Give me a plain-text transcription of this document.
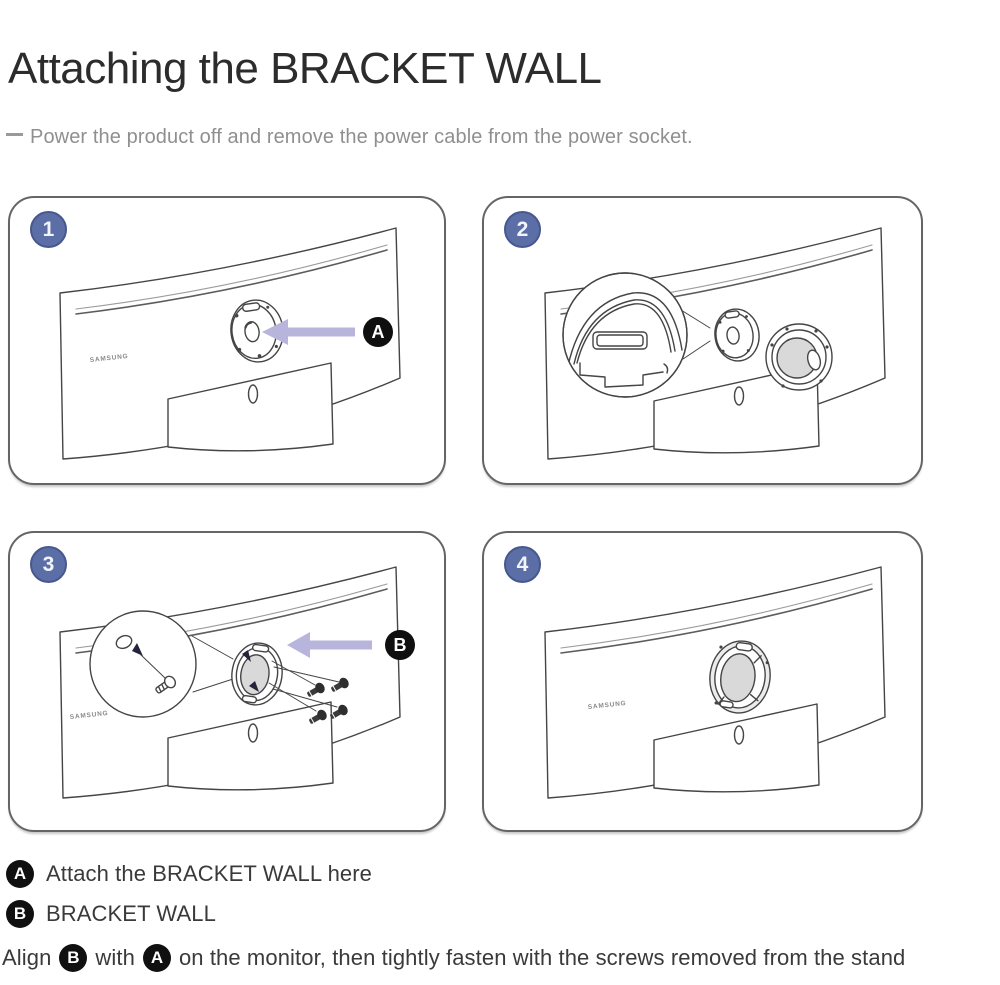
Attaching the BRACKET WALL
Power the product off and remove the power cable from the power socket.
1
SAMSUNG
A
2
3
SAMSUNG
B
4
SAMSUNG
A Attach the BRACKET WALL here
B BRACKET WALL
Align B with A on the monitor, then tightly fasten with the screws removed from the stand
